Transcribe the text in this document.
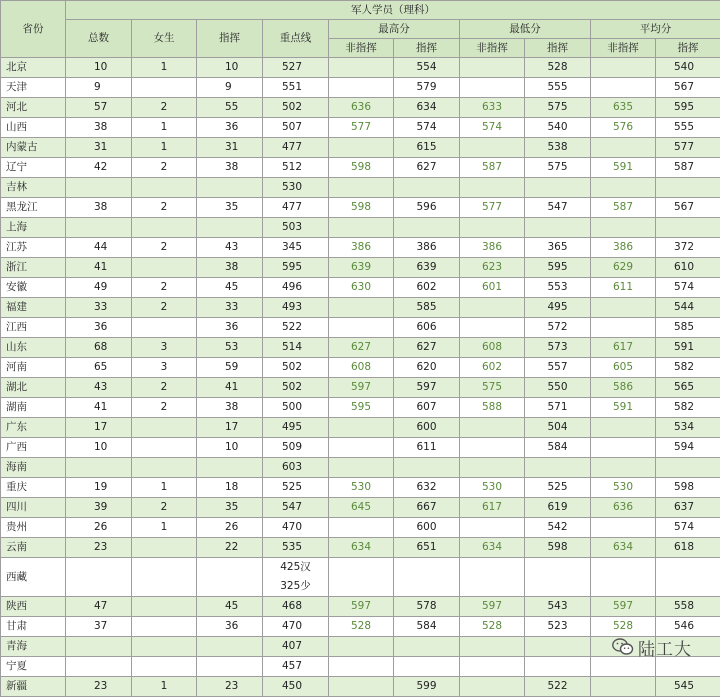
省份	军人学员（理科）									
	总数	女生	指挥	重点线	最高分		最低分		平均分	
					非指挥	指挥	非指挥	指挥	非指挥	指挥
北京	10	1	10	527		554		528		540
天津	9		9	551		579		555		567
河北	57	2	55	502	636	634	633	575	635	595
山西	38	1	36	507	577	574	574	540	576	555
内蒙古	31	1	31	477		615		538		577
辽宁	42	2	38	512	598	627	587	575	591	587
吉林				530						
黑龙江	38	2	35	477	598	596	577	547	587	567
上海				503						
江苏	44	2	43	345	386	386	386	365	386	372
浙江	41		38	595	639	639	623	595	629	610
安徽	49	2	45	496	630	602	601	553	611	574
福建	33	2	33	493		585		495		544
江西	36		36	522		606		572		585
山东	68	3	53	514	627	627	608	573	617	591
河南	65	3	59	502	608	620	602	557	605	582
湖北	43	2	41	502	597	597	575	550	586	565
湖南	41	2	38	500	595	607	588	571	591	582
广东	17		17	495		600		504		534
广西	10		10	509		611		584		594
海南				603						
重庆	19	1	18	525	530	632	530	525	530	598
四川	39	2	35	547	645	667	617	619	636	637
贵州	26	1	26	470		600		542		574
云南	23		22	535	634	651	634	598	634	618
西藏				425汉
325少						

陕西	47		45	468	597	578	597	543	597	558
甘肃	37		36	470	528	584	528	523	528	546
青海				407						
宁夏				457						
新疆	23	1	23	450		599		522		545
陆工大
